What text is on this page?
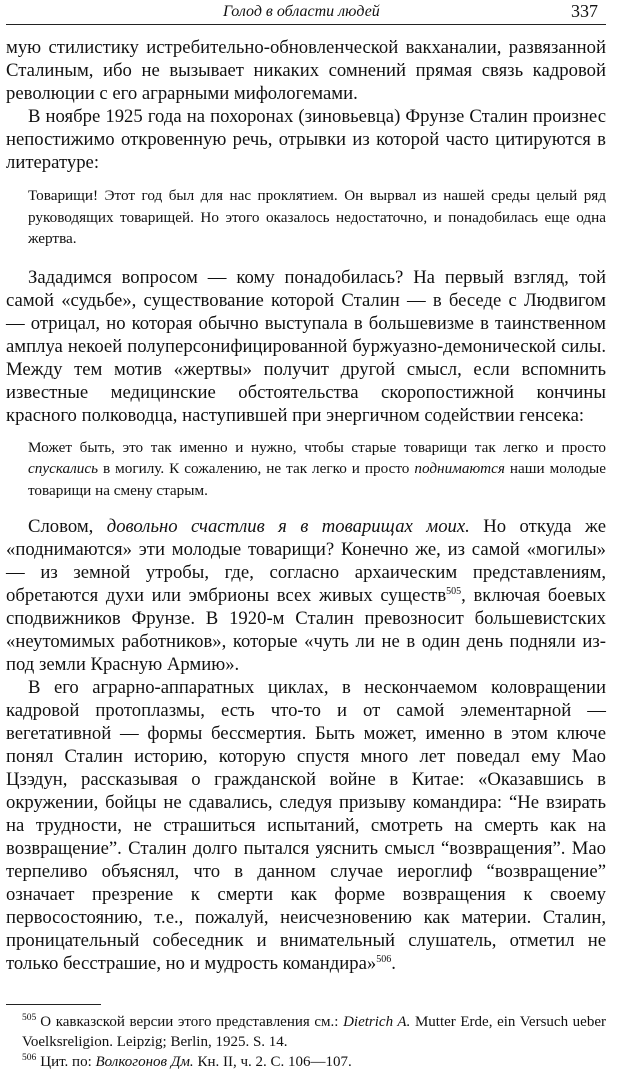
Голод в области людей	337

мую стилистику истребительно-обновленческой вакханалии, развязанной Сталиным, ибо не вызывает никаких сомнений прямая связь кадровой революции с его аграрными мифологемами.

В ноябре 1925 года на похоронах (зиновьевца) Фрунзе Сталин произнес непостижимо откровенную речь, отрывки из которой часто цитируются в литературе:

Товарищи! Этот год был для нас проклятием. Он вырвал из нашей среды целый ряд руководящих товарищей. Но этого оказалось недостаточно, и понадобилась еще одна жертва.

Зададимся вопросом — кому понадобилась? На первый взгляд, той самой «судьбе», существование которой Сталин — в беседе с Людвигом — отрицал, но которая обычно выступала в большевизме в таинственном амплуа некоей полуперсонифицированной буржуазно-демонической силы. Между тем мотив «жертвы» получит другой смысл, если вспомнить известные медицинские обстоятельства скоропостижной кончины красного полководца, наступившей при энергичном содействии генсека:

Может быть, это так именно и нужно, чтобы старые товарищи так легко и просто спускались в могилу. К сожалению, не так легко и просто поднимаются наши молодые товарищи на смену старым.

Словом, довольно счастлив я в товарищах моих. Но откуда же «поднимаются» эти молодые товарищи? Конечно же, из самой «могилы» — из земной утробы, где, согласно архаическим представлениям, обретаются духи или эмбрионы всех живых существ$^{505}$, включая боевых сподвижников Фрунзе. В 1920-м Сталин превозносит большевистских «неутомимых работников», которые «чуть ли не в один день подняли из-под земли Красную Армию».

В его аграрно-аппаратных циклах, в нескончаемом коловращении кадровой протоплазмы, есть что-то и от самой элементарной — вегетативной — формы бессмертия. Быть может, именно в этом ключе понял Сталин историю, которую спустя много лет поведал ему Мао Цзэдун, рассказывая о гражданской войне в Китае: «Оказавшись в окружении, бойцы не сдавались, следуя призыву командира: “Не взирать на трудности, не страшиться испытаний, смотреть на смерть как на возвращение”. Сталин долго пытался уяснить смысл “возвращения”. Мао терпеливо объяснял, что в данном случае иероглиф “возвращение” означает презрение к смерти как форме возвращения к своему первосостоянию, т.е., пожалуй, неисчезновению как материи. Сталин, проницательный собеседник и внимательный слушатель, отметил не только бесстрашие, но и мудрость командира»$^{506}$.

$^{505}$ О кавказской версии этого представления см.: Dietrich A. Mutter Erde, ein Versuch ueber Voelksreligion. Leipzig; Berlin, 1925. S. 14.

$^{506}$ Цит. по: Волкогонов Дм. Кн. II, ч. 2. С. 106—107.
